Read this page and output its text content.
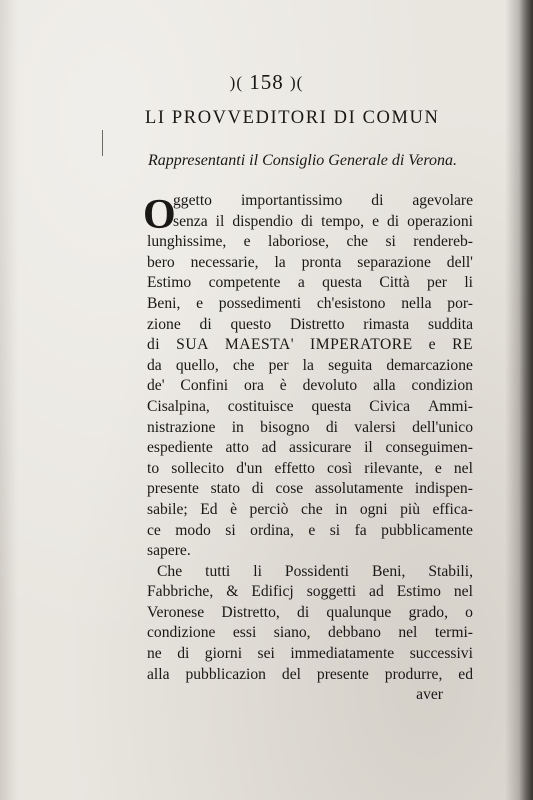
)( 158 )(
LI PROVVEDITORI DI COMUN
Rappresentanti il Consiglio Generale di Verona.
O
ggetto importantissimo di agevolare
senza il dispendio di tempo, e di operazioni
lunghissime, e laboriose, che si rendereb-
bero necessarie, la pronta separazione dell'
Estimo competente a questa Città per li
Beni, e possedimenti ch'esistono nella por-
zione di questo Distretto rimasta suddita
di SUA MAESTA' IMPERATORE e RE
da quello, che per la seguita demarcazione
de' Confini ora è devoluto alla condizion
Cisalpina, costituisce questa Civica Ammi-
nistrazione in bisogno di valersi dell'unico
espediente atto ad assicurare il conseguimen-
to sollecito d'un effetto così rilevante, e nel
presente stato di cose assolutamente indispen-
sabile; Ed è perciò che in ogni più effica-
ce modo si ordina, e si fa pubblicamente
sapere.
Che tutti li Possidenti Beni, Stabili,
Fabbriche, & Edificj soggetti ad Estimo nel
Veronese Distretto, di qualunque grado, o
condizione essi siano, debbano nel termi-
ne di giorni sei immediatamente successivi
alla pubblicazion del presente produrre, ed
aver
